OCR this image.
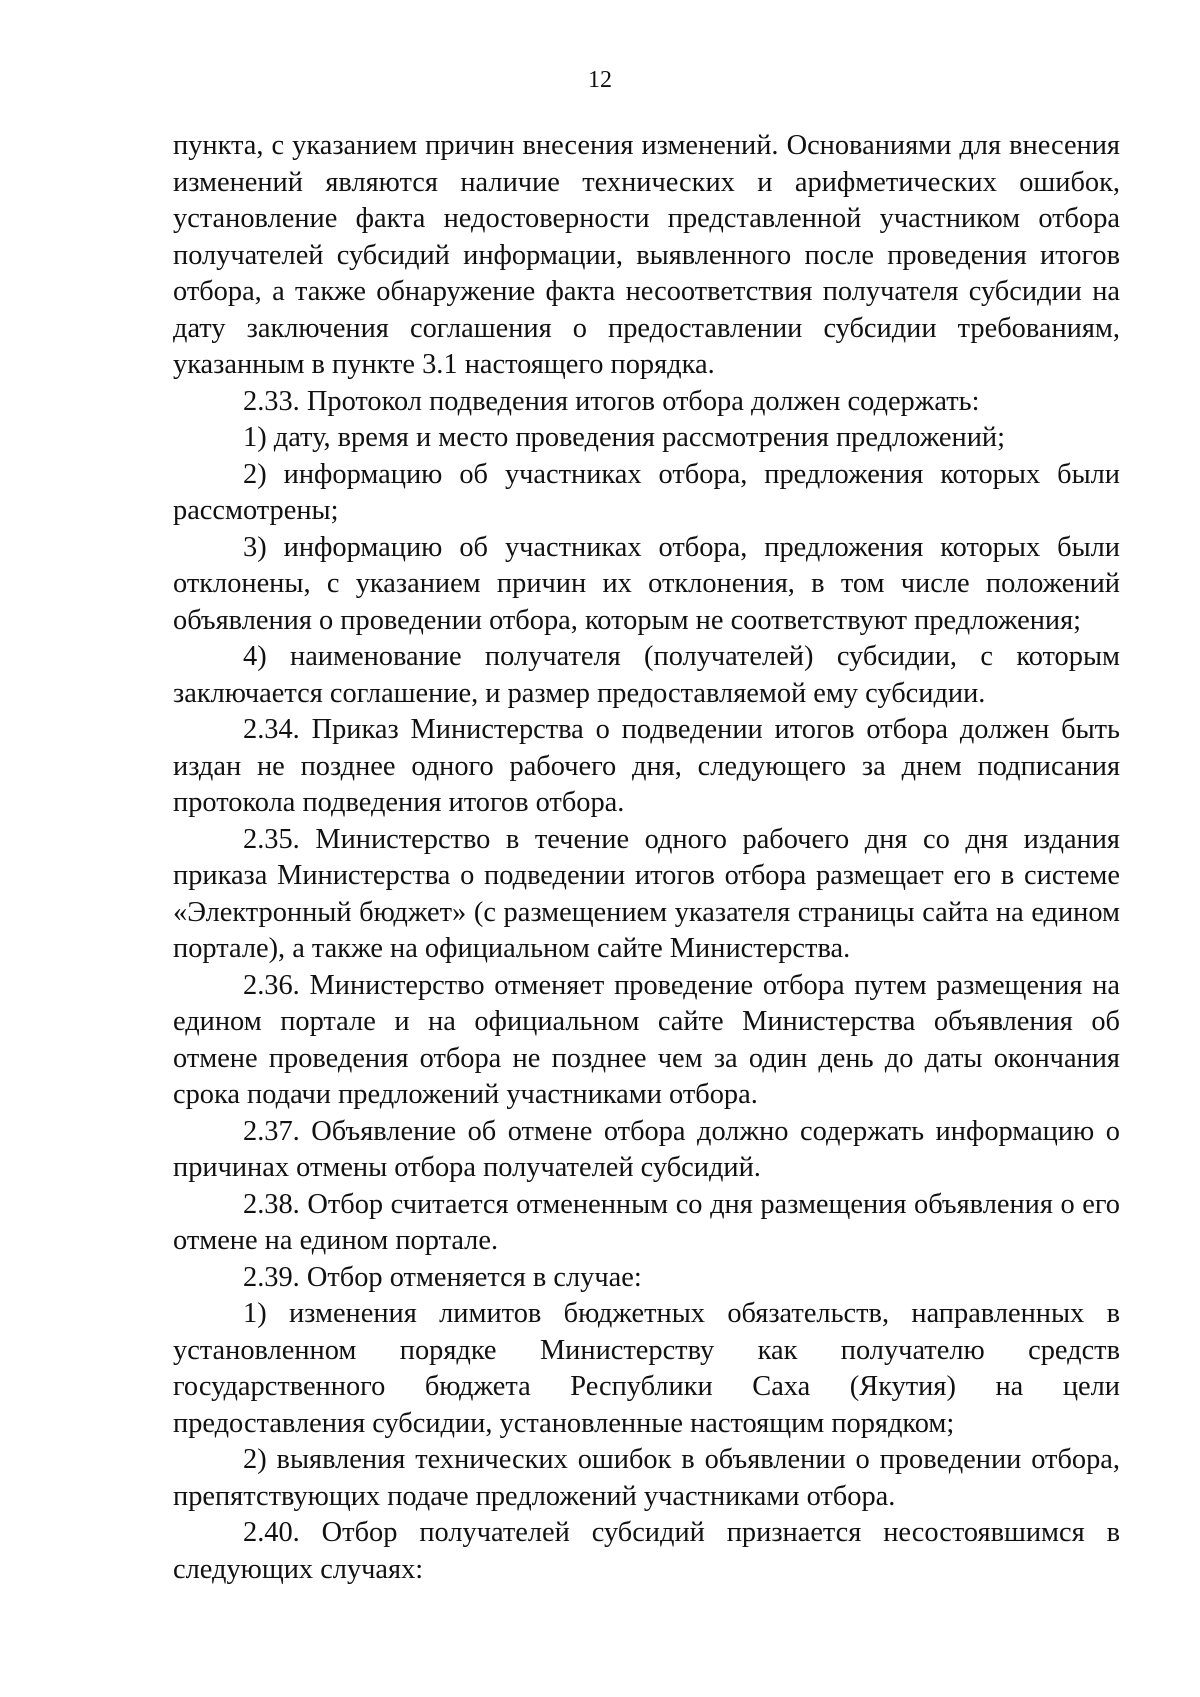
12

пункта, с указанием причин внесения изменений. Основаниями для внесения изменений являются наличие технических и арифметических ошибок, установление факта недостоверности представленной участником отбора получателей субсидий информации, выявленного после проведения итогов отбора, а также обнаружение факта несоответствия получателя субсидии на дату заключения соглашения о предоставлении субсидии требованиям, указанным в пункте 3.1 настоящего порядка.

2.33. Протокол подведения итогов отбора должен содержать:

1) дату, время и место проведения рассмотрения предложений;

2) информацию об участниках отбора, предложения которых были рассмотрены;

3) информацию об участниках отбора, предложения которых были отклонены, с указанием причин их отклонения, в том числе положений объявления о проведении отбора, которым не соответствуют предложения;

4) наименование получателя (получателей) субсидии, с которым заключается соглашение, и размер предоставляемой ему субсидии.

2.34. Приказ Министерства о подведении итогов отбора должен быть издан не позднее одного рабочего дня, следующего за днем подписания протокола подведения итогов отбора.

2.35. Министерство в течение одного рабочего дня со дня издания приказа Министерства о подведении итогов отбора размещает его в системе «Электронный бюджет» (с размещением указателя страницы сайта на едином портале), а также на официальном сайте Министерства.

2.36. Министерство отменяет проведение отбора путем размещения на едином портале и на официальном сайте Министерства объявления об отмене проведения отбора не позднее чем за один день до даты окончания срока подачи предложений участниками отбора.

2.37. Объявление об отмене отбора должно содержать информацию о причинах отмены отбора получателей субсидий.

2.38. Отбор считается отмененным со дня размещения объявления о его отмене на едином портале.

2.39. Отбор отменяется в случае:

1) изменения лимитов бюджетных обязательств, направленных в установленном порядке Министерству как получателю средств государственного бюджета Республики Саха (Якутия) на цели предоставления субсидии, установленные настоящим порядком;

2) выявления технических ошибок в объявлении о проведении отбора, препятствующих подаче предложений участниками отбора.

2.40. Отбор получателей субсидий признается несостоявшимся в следующих случаях:
